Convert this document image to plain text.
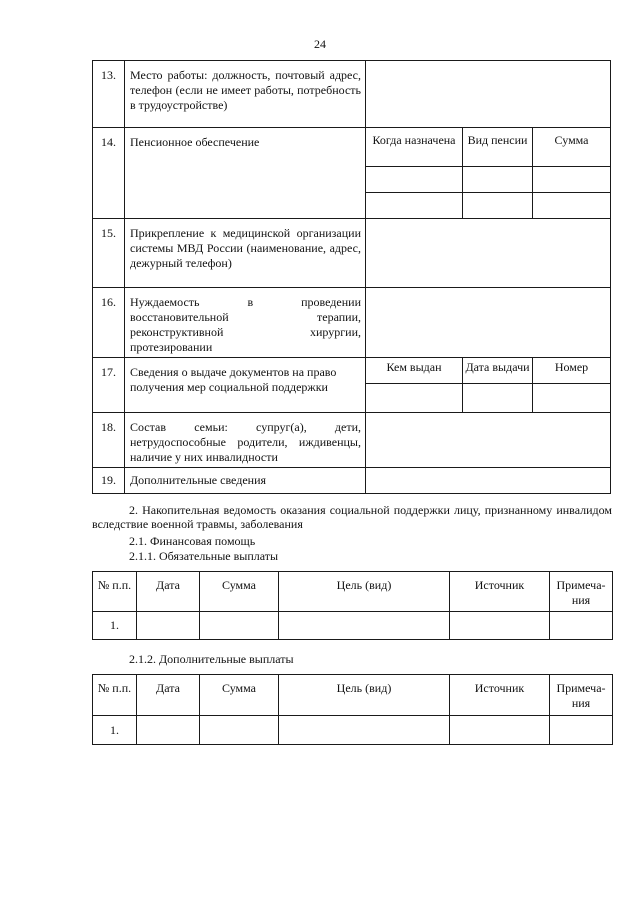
24
13.	Место работы: должность, почтовый адрес, телефон (если не имеет работы, потребность в трудоустройстве)			
14.	Пенсионное обеспечение	Когда назначена	Вид пенсии	Сумма

15.	Прикрепление к медицинской организации системы МВД России (наименование, адрес, дежурный телефон)			
16.	Нуждаемость в проведении восстановительной терапии, реконструктивной хирургии, протезировании			
17.	Сведения о выдаче документов на право получения мер социальной поддержки	Кем выдан	Дата выдачи	Номер

18.	Состав семьи: супруг(а), дети, нетрудоспособные родители, иждивенцы, наличие у них инвалидности			
19.	Дополнительные сведения			
2. Накопительная ведомость оказания социальной поддержки лицу, признанному инвалидом вследствие военной травмы, заболевания
2.1. Финансовая помощь
2.1.1. Обязательные выплаты
№ п.п.	Дата	Сумма	Цель (вид)	Источник	Примеча-ния
1.					
2.1.2. Дополнительные выплаты
№ п.п.	Дата	Сумма	Цель (вид)	Источник	Примеча-ния
1.					
